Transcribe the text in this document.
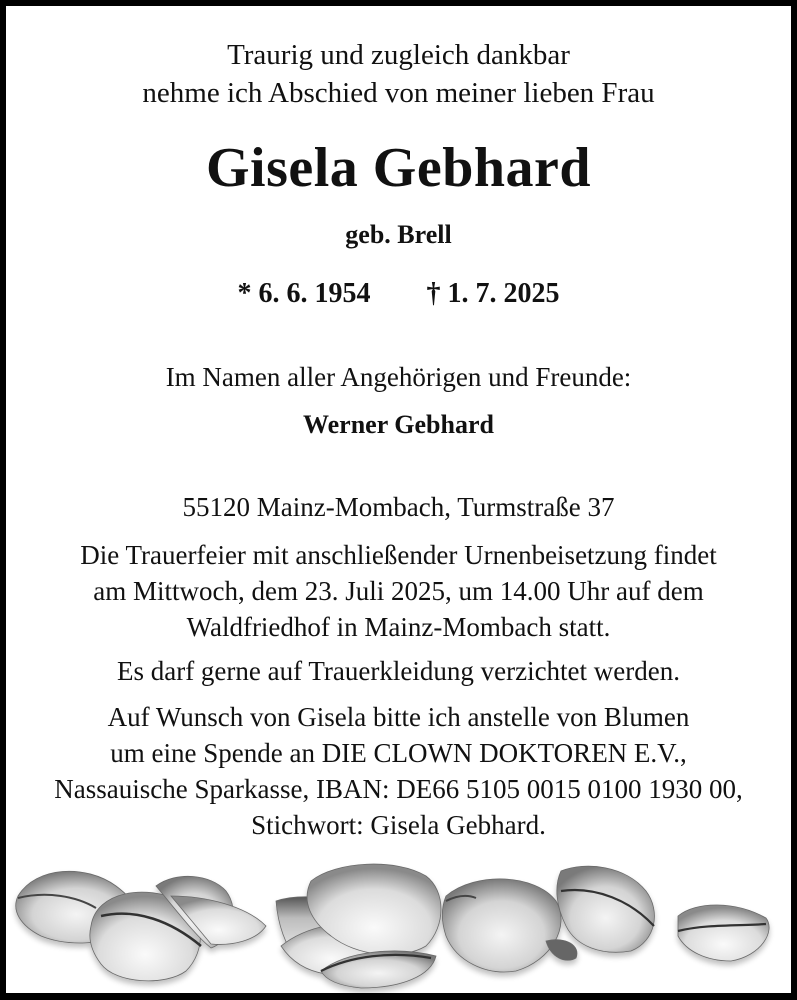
Traurig und zugleich dankbar
nehme ich Abschied von meiner lieben Frau
Gisela Gebhard
geb. Brell
* 6. 6. 1954 † 1. 7. 2025
Im Namen aller Angehörigen und Freunde:
Werner Gebhard
55120 Mainz-Mombach, Turmstraße 37
Die Trauerfeier mit anschließender Urnenbeisetzung findet
am Mittwoch, dem 23. Juli 2025, um 14.00 Uhr auf dem
Waldfriedhof in Mainz-Mombach statt.
Es darf gerne auf Trauerkleidung verzichtet werden.
Auf Wunsch von Gisela bitte ich anstelle von Blumen
um eine Spende an DIE CLOWN DOKTOREN E.V.,
Nassauische Sparkasse, IBAN: DE66 5105 0015 0100 1930 00,
Stichwort: Gisela Gebhard.
